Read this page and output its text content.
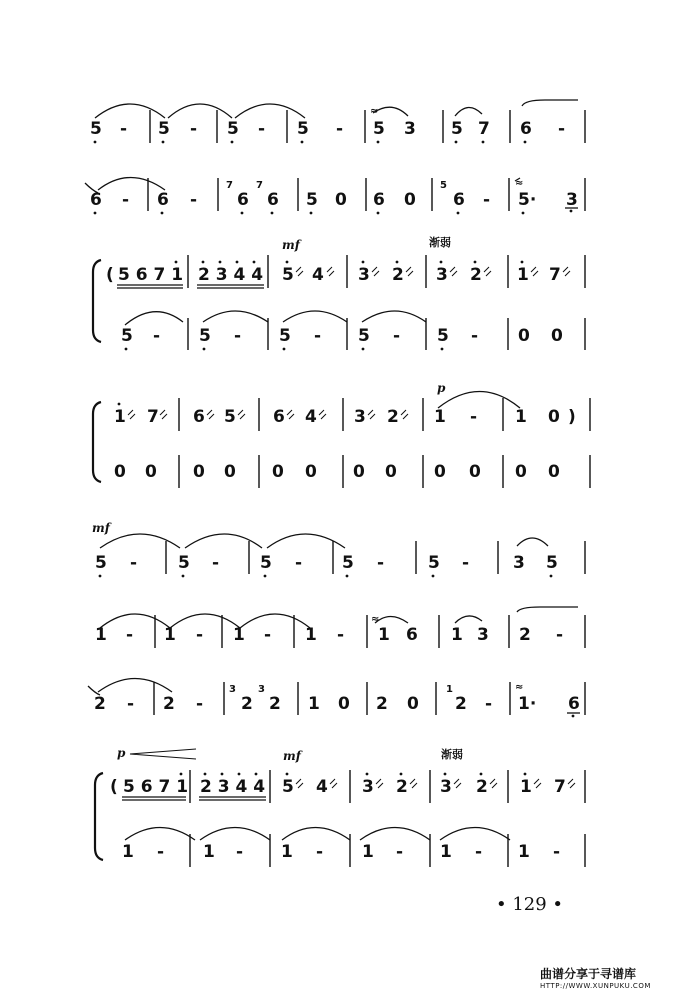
5 - 5 - 5 - 5 - 5 3 5 7 6 -
≈
6 - 6 - 6 6 5 0 6 0 6 - 5· 3
7 7	5	≈
mf	渐弱
( 5 6 7 1 2 3 4 4 5 4 3 2 3 2 1 7
5 - 5 - 5 - 5 - 5 - 0 0
p
1 7 6 5 6 4 3 2 1 - 1 0 )
0 0 0 0 0 0 0 0 0 0 0 0
mf
5 - 5 - 5 - 5 -	5 -	3 5
1 - 1 - 1 - 1 - 1 6 1 3 2 -
≈
2 - 2 - 2 2 1 0 2 0 2 - 1· 6
3 3	1	≈
p	mf	渐弱
( 5 6 7 1 2 3 4 4 5 4 3 2 3 2 1 7
1 - 1 - 1 - 1 - 1 - 1 -
• 129 •
曲谱分享于寻谱库
HTTP://WWW.XUNPUKU.COM
